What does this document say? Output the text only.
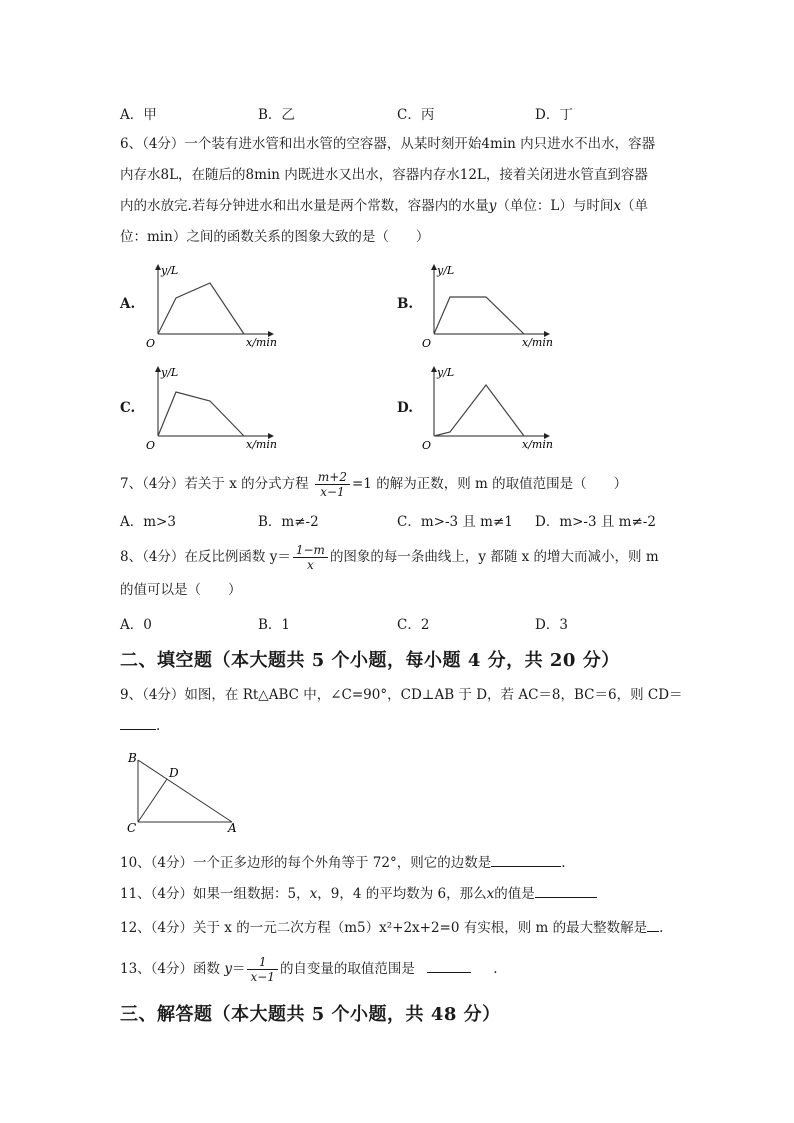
A．甲	B．乙	C．丙	D．丁
6、（4分）一个装有进水管和出水管的空容器，从某时刻开始4min 内只进水不出水，容器
内存水8L，在随后的8min 内既进水又出水，容器内存水12L，接着关闭进水管直到容器
内的水放完.若每分钟进水和出水量是两个常数，容器内的水量y（单位：L）与时间x（单
位：min）之间的函数关系的图象大致的是（　　）
A.
y/L
O	x/min
B.
y/L
O	x/min
C.
y/L
O	x/min
D.
y/L
O	x/min
7、（4分）若关于 x 的分式方程 $\frac{m+2}{x-1} =1$ 的解为正数，则 m 的取值范围是（　　）
A．m>3	B．m≠-2	C．m>-3 且 m≠1 D．m>-3 且 m≠-2
8、（4分）在反比例函数 $y= \frac{1-m}{x}$ 的图象的每一条曲线上，y 都随 x 的增大而减小，则 m
的值可以是（　　）
A．0	B．1	C．2	D．3
二、填空题（本大题共 5 个小题，每小题 4 分，共 20 分）
9、（4分）如图，在 Rt△ABC 中，∠C=90°，CD⊥AB 于 D，若 AC＝8，BC＝6，则 CD＝
.
B
D
C	A
10、（4分）一个正多边形的每个外角等于 72°，则它的边数是	.
11、（4分）如果一组数据：5，x，9，4 的平均数为 6，那么x的值是
12、（4分）关于 x 的一元二次方程（m5）x²+2x+2=0 有实根，则 m 的最大整数解是 .
13、（4分）函数 $y= \frac{1}{x-1}$ 的自变量的取值范围是	.
三、解答题（本大题共 5 个小题，共 48 分）
